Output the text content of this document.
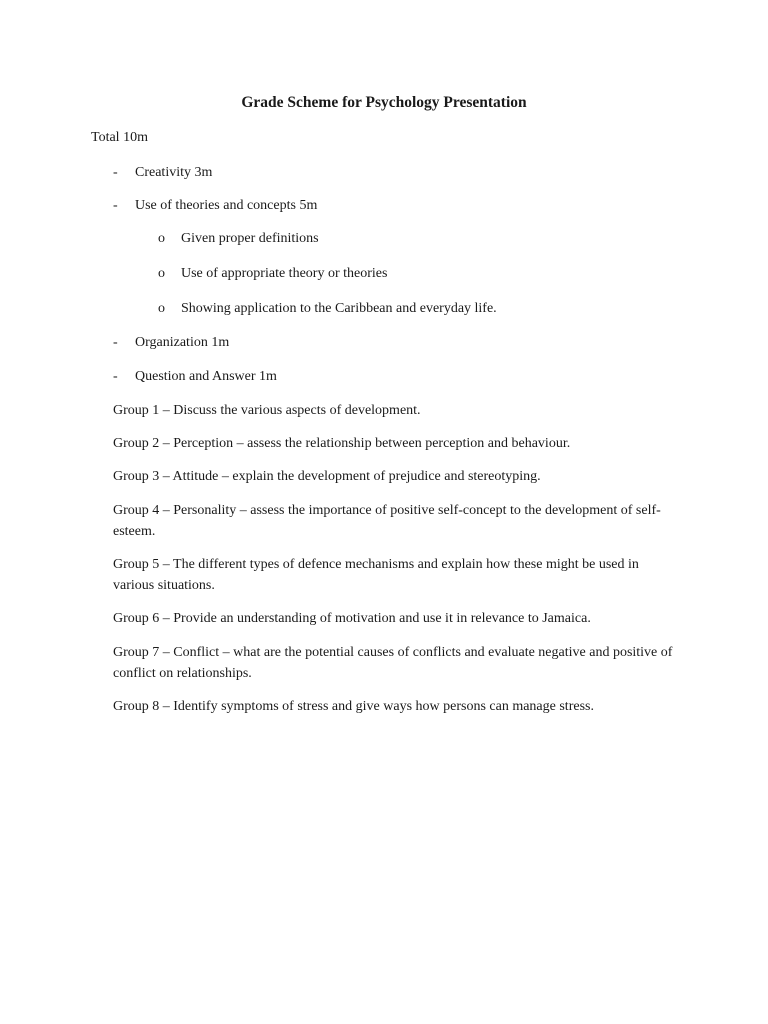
Grade Scheme for Psychology Presentation
Total 10m
- Creativity 3m
- Use of theories and concepts 5m
o Given proper definitions
o Use of appropriate theory or theories
o Showing application to the Caribbean and everyday life.
- Organization 1m
- Question and Answer 1m
Group 1 – Discuss the various aspects of development.
Group 2 – Perception – assess the relationship between perception and behaviour.
Group 3 – Attitude – explain the development of prejudice and stereotyping.
Group 4 – Personality – assess the importance of positive self-concept to the development of self-esteem.
Group 5 – The different types of defence mechanisms and explain how these might be used in various situations.
Group 6 – Provide an understanding of motivation and use it in relevance to Jamaica.
Group 7 – Conflict – what are the potential causes of conflicts and evaluate negative and positive of conflict on relationships.
Group 8 – Identify symptoms of stress and give ways how persons can manage stress.
